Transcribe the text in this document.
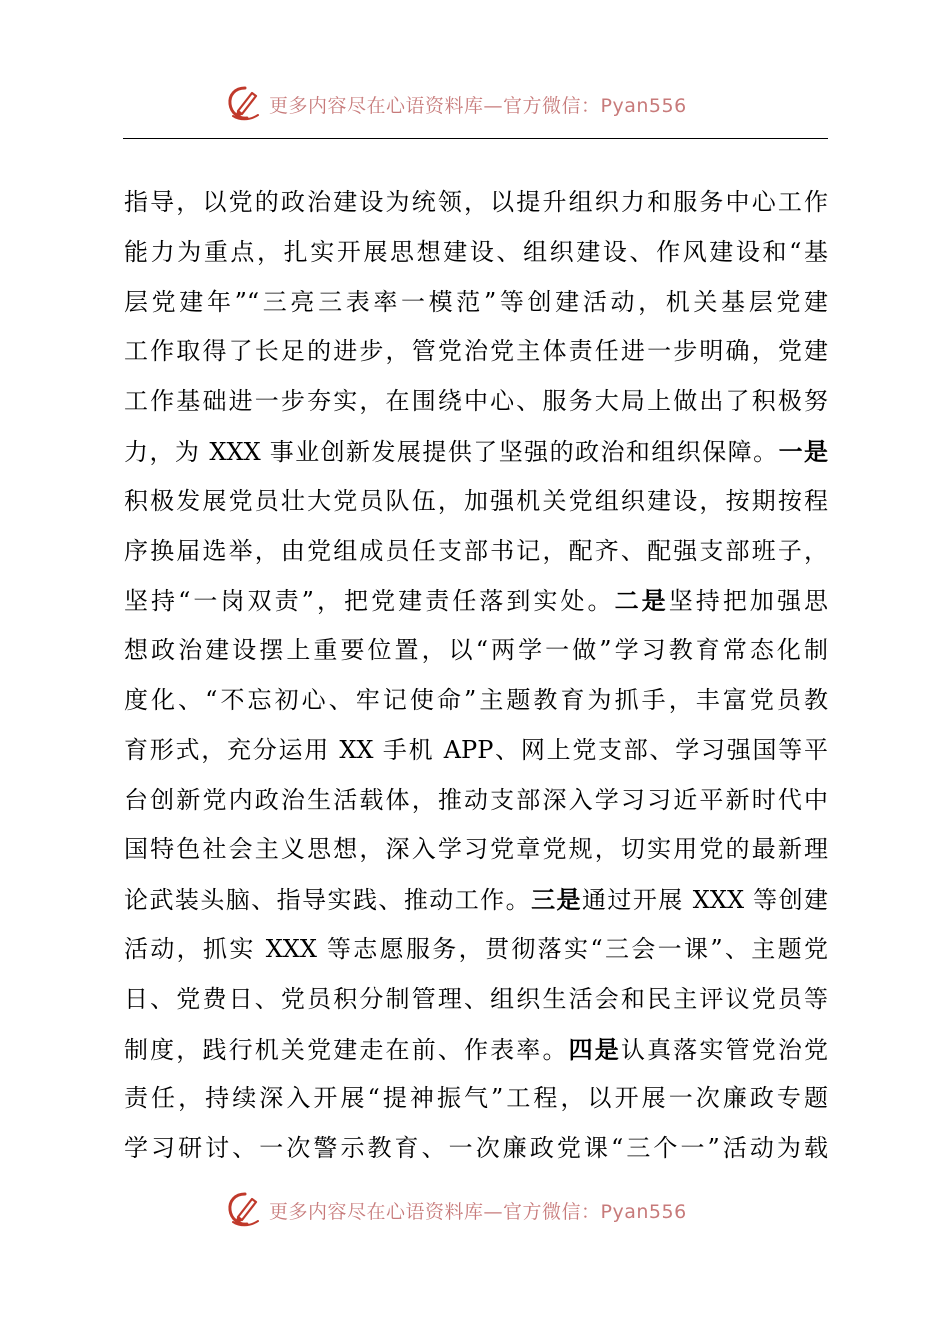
更多内容尽在心语资料库—官方微信：Pyan556
指导，以党的政治建设为统领，以提升组织力和服务中心工作
能力为重点，扎实开展思想建设、组织建设、作风建设和“基
层党建年”“三亮三表率一模范”等创建活动，机关基层党建
工作取得了长足的进步，管党治党主体责任进一步明确，党建
工作基础进一步夯实，在围绕中心、服务大局上做出了积极努
力，为 XXX 事业创新发展提供了坚强的政治和组织保障。一是
积极发展党员壮大党员队伍，加强机关党组织建设，按期按程
序换届选举，由党组成员任支部书记，配齐、配强支部班子，
坚持“一岗双责”，把党建责任落到实处。二是坚持把加强思
想政治建设摆上重要位置，以“两学一做”学习教育常态化制
度化、“不忘初心、牢记使命”主题教育为抓手，丰富党员教
育形式，充分运用 XX 手机 APP、网上党支部、学习强国等平
台创新党内政治生活载体，推动支部深入学习习近平新时代中
国特色社会主义思想，深入学习党章党规，切实用党的最新理
论武装头脑、指导实践、推动工作。三是通过开展 XXX 等创建
活动，抓实 XXX 等志愿服务，贯彻落实“三会一课”、主题党
日、党费日、党员积分制管理、组织生活会和民主评议党员等
制度，践行机关党建走在前、作表率。四是认真落实管党治党
责任，持续深入开展“提神振气”工程，以开展一次廉政专题
学习研讨、一次警示教育、一次廉政党课“三个一”活动为载
更多内容尽在心语资料库—官方微信：Pyan556
